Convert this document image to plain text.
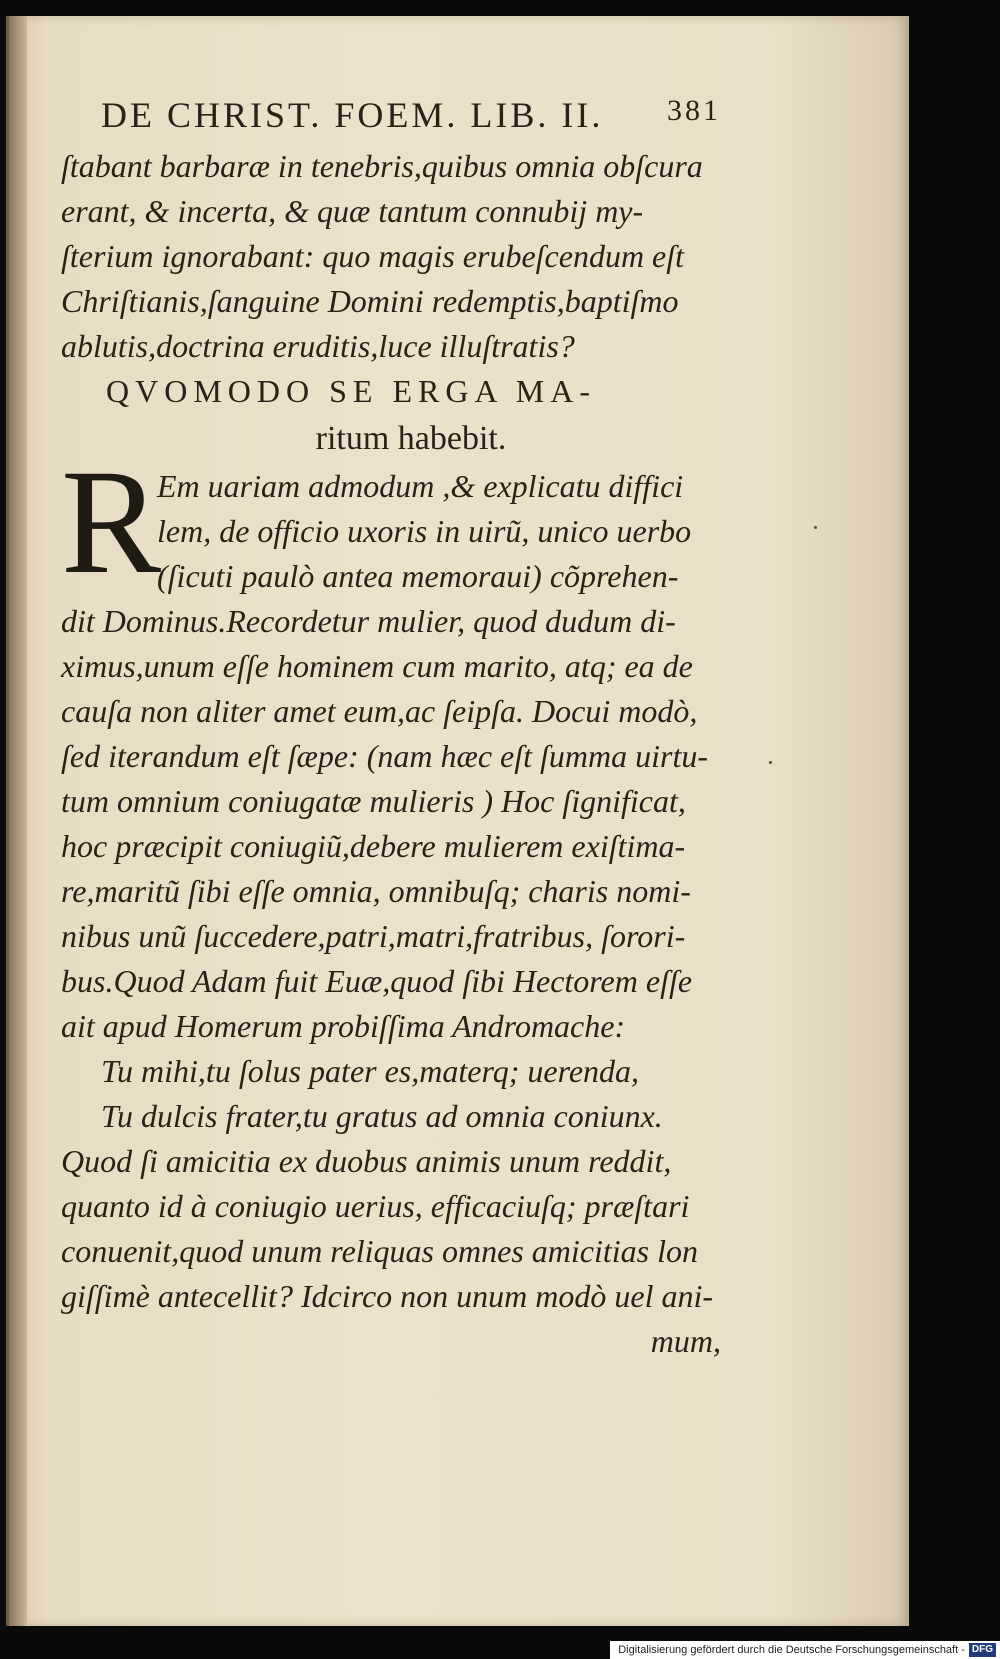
DE CHRIST. FOEM. LIB. II. 381
ſtabant barbaræ in tenebris,quibus omnia obſcura
erant, & incerta, & quæ tantum connubij my-
ſterium ignorabant: quo magis erubeſcendum eſt
Chriſtianis,ſanguine Domini redemptis,baptiſmo
ablutis,doctrina eruditis,luce illuſtratis?
QVOMODO SE ERGA MA-
ritum habebit.
R
Em uariam admodum ,& explicatu diffici
lem, de officio uxoris in uirũ, unico uerbo
(ſicuti paulò antea memoraui) cõprehen-
dit Dominus.Recordetur mulier, quod dudum di-
ximus,unum eſſe hominem cum marito, atq; ea de
cauſa non aliter amet eum,ac ſeipſa. Docui modò,
ſed iterandum eſt ſæpe: (nam hæc eſt ſumma uirtu-
tum omnium coniugatæ mulieris ) Hoc ſignificat,
hoc præcipit coniugiũ,debere mulierem exiſtima-
re,maritũ ſibi eſſe omnia, omnibuſq; charis nomi-
nibus unũ ſuccedere,patri,matri,fratribus, ſorori-
bus.Quod Adam fuit Euæ,quod ſibi Hectorem eſſe
ait apud Homerum probiſſima Andromache:
Tu mihi,tu ſolus pater es,materq; uerenda,
Tu dulcis frater,tu gratus ad omnia coniunx.
Quod ſi amicitia ex duobus animis unum reddit,
quanto id à coniugio uerius, efficaciuſq; præſtari
conuenit,quod unum reliquas omnes amicitias lon
giſſimè antecellit? Idcirco non unum modò uel ani-
mum,
Digitalisierung gefördert durch die Deutsche Forschungsgemeinschaft - DFG
